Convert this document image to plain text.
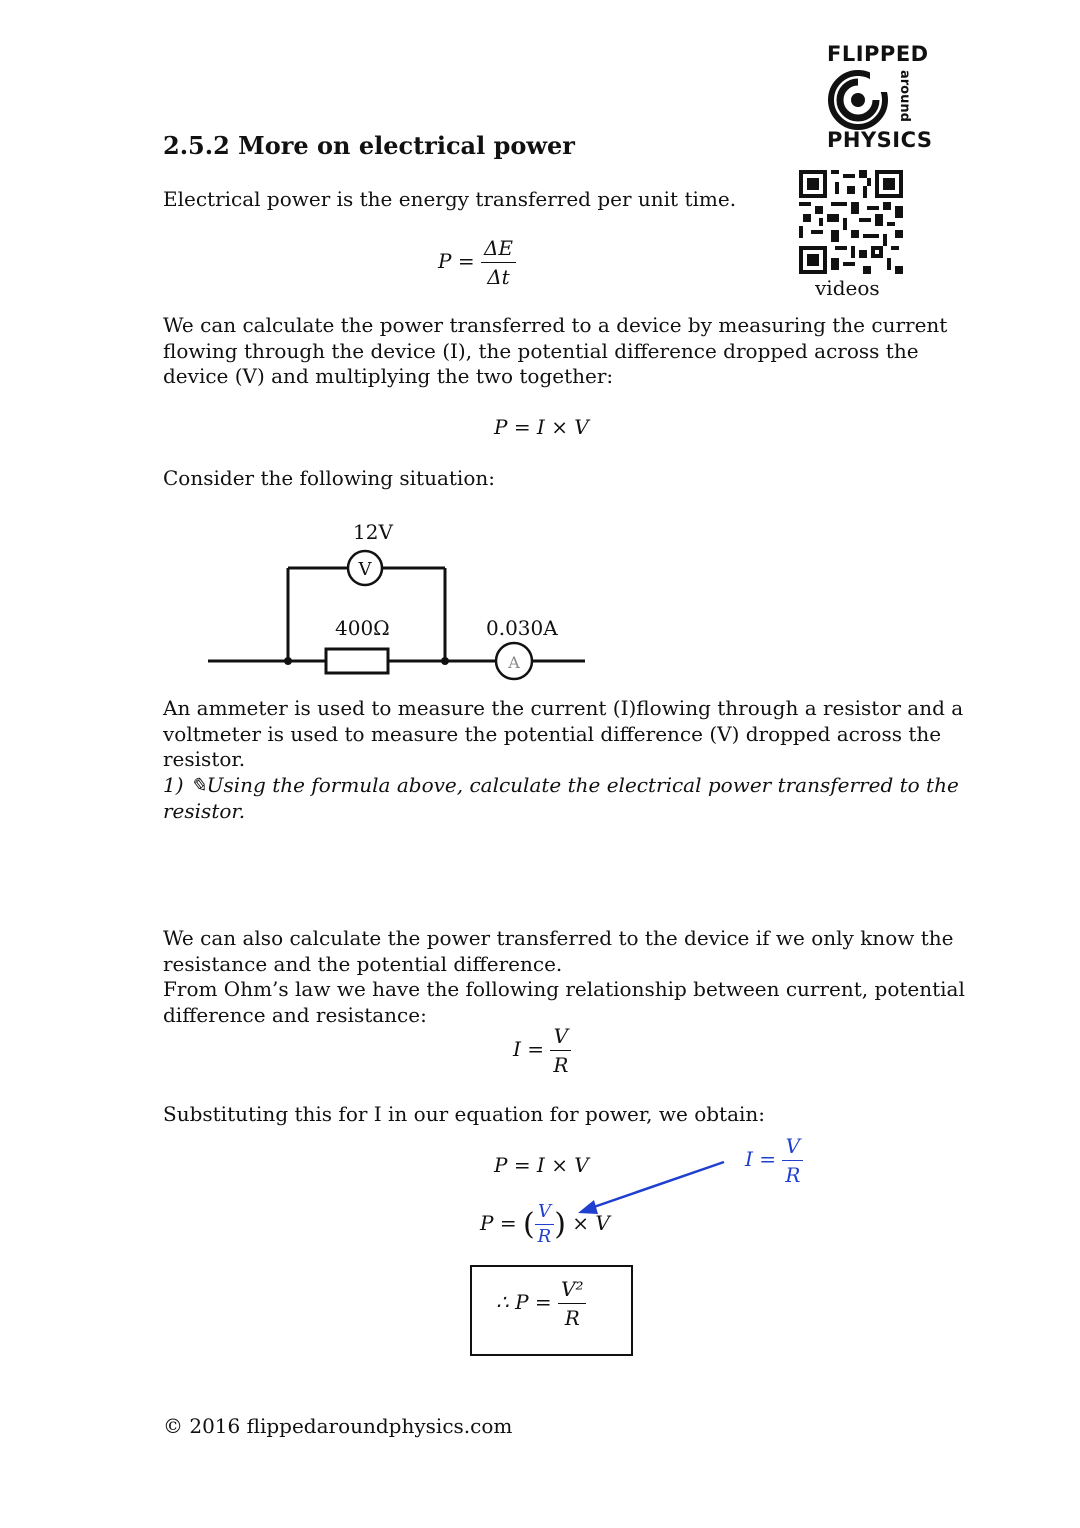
FLIPPED
around
PHYSICS
videos
2.5.2 More on electrical power
Electrical power is the energy transferred per unit time.
$P = \frac{\Delta E}{\Delta t}$
We can calculate the power transferred to a device by measuring the current
flowing through the device (I), the potential difference dropped across the
device (V) and multiplying the two together:
P = I × V
Consider the following situation:
V
A
12V
400Ω	0.030A
An ammeter is used to measure the current (I)flowing through a resistor and a
voltmeter is used to measure the potential difference (V) dropped across the
resistor.
1) ✎Using the formula above, calculate the electrical power transferred to the
resistor.
We can also calculate the power transferred to the device if we only know the
resistance and the potential difference.
From Ohm’s law we have the following relationship between current, potential
difference and resistance:
$I = \frac{V}{R}$
Substituting this for I in our equation for power, we obtain:
P = I × V	$I = \frac{V}{R}$
P = ( $\frac{V}{R}$ ) × V
∴ $P = \frac{\text{V²}}{R}$
© 2016 flippedaroundphysics.com
